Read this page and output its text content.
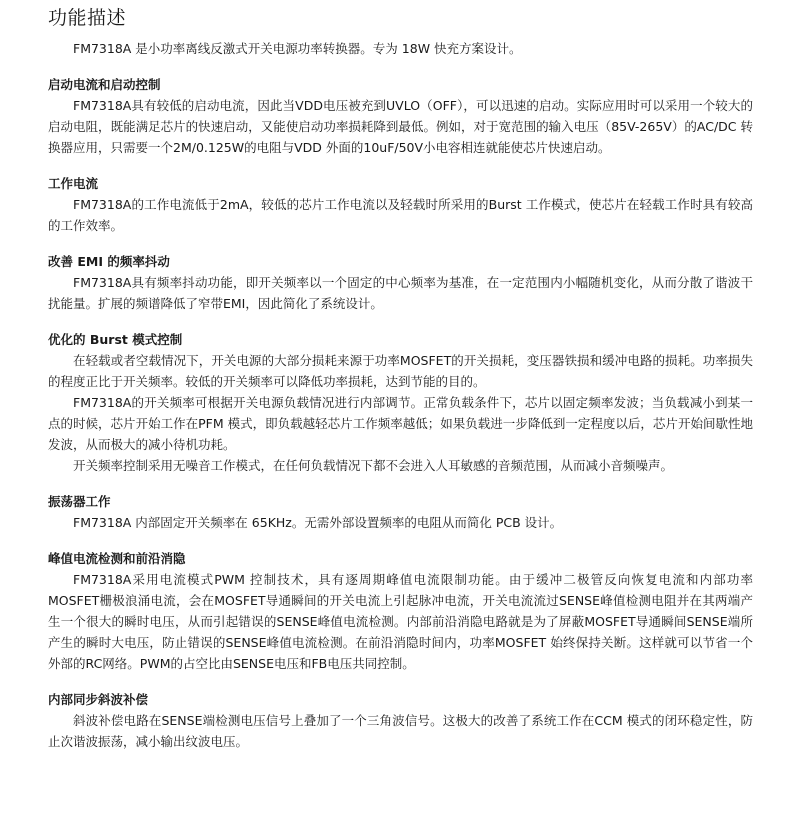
功能描述

FM7318A 是小功率离线反激式开关电源功率转换器。专为 18W 快充方案设计。

启动电流和启动控制

FM7318A具有较低的启动电流，因此当VDD电压被充到UVLO（OFF），可以迅速的启动。实际应用时可以采用一个较大的启动电阻，既能满足芯片的快速启动，又能使启动功率损耗降到最低。例如，对于宽范围的输入电压（85V-265V）的AC/DC 转换器应用，只需要一个2M/0.125W的电阻与VDD 外面的10uF/50V小电容相连就能使芯片快速启动。

工作电流

FM7318A的工作电流低于2mA，较低的芯片工作电流以及轻载时所采用的Burst 工作模式，使芯片在轻载工作时具有较高的工作效率。

改善 EMI 的频率抖动

FM7318A具有频率抖动功能，即开关频率以一个固定的中心频率为基准，在一定范围内小幅随机变化，从而分散了谐波干扰能量。扩展的频谱降低了窄带EMI，因此简化了系统设计。

优化的 Burst 模式控制

在轻载或者空载情况下，开关电源的大部分损耗来源于功率MOSFET的开关损耗，变压器铁损和缓冲电路的损耗。功率损失的程度正比于开关频率。较低的开关频率可以降低功率损耗，达到节能的目的。

FM7318A的开关频率可根据开关电源负载情况进行内部调节。正常负载条件下，芯片以固定频率发波；当负载减小到某一点的时候，芯片开始工作在PFM 模式，即负载越轻芯片工作频率越低；如果负载进一步降低到一定程度以后，芯片开始间歇性地发波，从而极大的减小待机功耗。

开关频率控制采用无噪音工作模式，在任何负载情况下都不会进入人耳敏感的音频范围，从而减小音频噪声。

振荡器工作

FM7318A 内部固定开关频率在 65KHz。无需外部设置频率的电阻从而简化 PCB 设计。

峰值电流检测和前沿消隐

FM7318A采用电流模式PWM 控制技术，具有逐周期峰值电流限制功能。由于缓冲二极管反向恢复电流和内部功率MOSFET栅极浪涌电流，会在MOSFET导通瞬间的开关电流上引起脉冲电流，开关电流流过SENSE峰值检测电阻并在其两端产生一个很大的瞬时电压，从而引起错误的SENSE峰值电流检测。内部前沿消隐电路就是为了屏蔽MOSFET导通瞬间SENSE端所产生的瞬时大电压，防止错误的SENSE峰值电流检测。在前沿消隐时间内，功率MOSFET 始终保持关断。这样就可以节省一个外部的RC网络。PWM的占空比由SENSE电压和FB电压共同控制。

内部同步斜波补偿

斜波补偿电路在SENSE端检测电压信号上叠加了一个三角波信号。这极大的改善了系统工作在CCM 模式的闭环稳定性，防止次谐波振荡，减小输出纹波电压。
